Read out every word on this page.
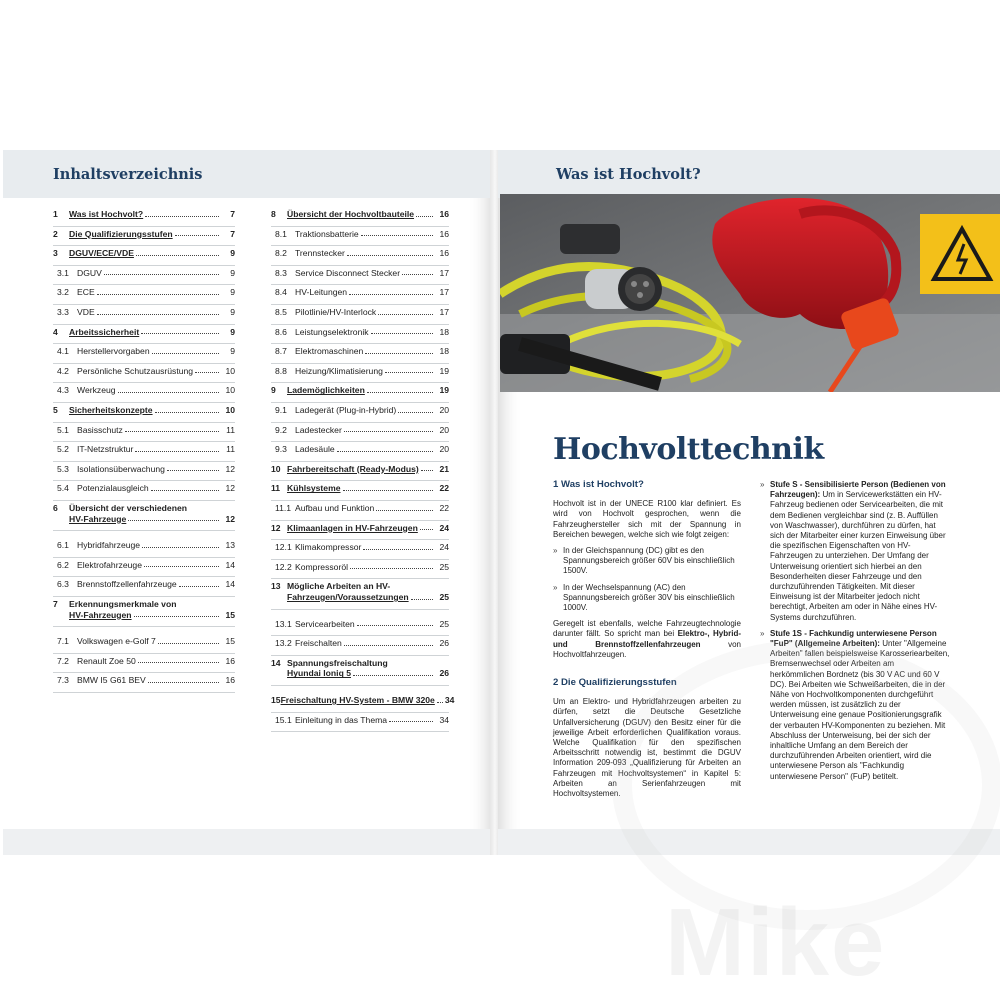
Inhaltsverzeichnis
1	Was ist Hochvolt?	7
2	Die Qualifizierungsstufen	7
3	DGUV/ECE/VDE	9
3.1 DGUV	9
3.2 ECE	9
3.3 VDE	9
4	Arbeitssicherheit	9
4.1 Herstellervorgaben	9
4.2 Persönliche Schutzausrüstung	10
4.3 Werkzeug	10
5	Sicherheitskonzepte	10
5.1 Basisschutz	11
5.2 IT-Netzstruktur	11
5.3 Isolationsüberwachung	12
5.4 Potenzialausgleich	12
6	Übersicht der verschiedenen
HV-Fahrzeuge	12
6.1 Hybridfahrzeuge	13
6.2 Elektrofahrzeuge	14
6.3 Brennstoffzellenfahrzeuge	14
7	Erkennungsmerkmale von
HV-Fahrzeugen	15
7.1 Volkswagen e-Golf 7	15
7.2 Renault Zoe 50	16
7.3 BMW I5 G61 BEV	16
8	Übersicht der Hochvoltbauteile	16
8.1 Traktionsbatterie	16
8.2 Trennstecker	16
8.3 Service Disconnect Stecker	17
8.4 HV-Leitungen	17
8.5 Pilotlinie/HV-Interlock	17
8.6 Leistungselektronik	18
8.7 Elektromaschinen	18
8.8 Heizung/Klimatisierung	19
9	Lademöglichkeiten	19
9.1 Ladegerät (Plug-in-Hybrid)	20
9.2 Ladestecker	20
9.3 Ladesäule	20
10 Fahrbereitschaft (Ready-Modus)	21
11 Kühlsysteme	22
11.1 Aufbau und Funktion	22
12 Klimaanlagen in HV-Fahrzeugen	24
12.1 Klimakompressor	24
12.2 Kompressoröl	25
13 Mögliche Arbeiten an HV-
Fahrzeugen/Voraussetzungen	25
13.1 Servicearbeiten	25
13.2 Freischalten	26
14 Spannungsfreischaltung
Hyundai Ioniq 5	26
15 Freischaltung HV-System - BMW 320e 34
15.1 Einleitung in das Thema	34
Was ist Hochvolt?
Hochvolttechnik
1 Was ist Hochvolt?

Hochvolt ist in der UNECE R100 klar definiert. Es wird von Hochvolt gesprochen, wenn die Fahrzeughersteller sich mit der Spannung in Bereichen bewegen, welche sich wie folgt zeigen:

» In der Gleichspannung (DC) gibt es den Spannungsbereich größer 60V bis einschließlich 1500V.
» In der Wechselspannung (AC) den Spannungsbereich größer 30V bis einschließlich 1000V.

Geregelt ist ebenfalls, welche Fahrzeugtechnologie darunter fällt. So spricht man bei Elektro-, Hybrid- und Brennstoffzellenfahrzeugen von Hochvoltfahrzeugen.

2 Die Qualifizierungsstufen

Um an Elektro- und Hybridfahrzeugen arbeiten zu dürfen, setzt die Deutsche Gesetzliche Unfallversicherung (DGUV) den Besitz einer für die jeweilige Arbeit erforderlichen Qualifikation voraus. Welche Qualifikation für den spezifischen Arbeitsschritt notwendig ist, bestimmt die DGUV Information 209-093 „Qualifizierung für Arbeiten an Fahrzeugen mit Hochvoltsystemen“ in Kapitel 5: Arbeiten an Serienfahrzeugen mit Hochvoltsystemen.

» Stufe S - Sensibilisierte Person (Bedienen von Fahrzeugen): Um in Servicewerkstätten ein HV-Fahrzeug bedienen oder Servicearbeiten, die mit dem Bedienen vergleichbar sind (z. B. Auffüllen von Waschwasser), durchführen zu dürfen, hat sich der Mitarbeiter einer kurzen Einweisung über die spezifischen Eigenschaften von HV-Fahrzeugen zu unterziehen. Der Umfang der Unterweisung orientiert sich hierbei an den Besonderheiten dieser Fahrzeuge und den durchzuführenden Tätigkeiten. Mit dieser Einweisung ist der Mitarbeiter jedoch nicht berechtigt, Arbeiten am oder in Nähe eines HV-Systems durchzuführen.
» Stufe 1S - Fachkundig unterwiesene Person "FuP" (Allgemeine Arbeiten): Unter "Allgemeine Arbeiten" fallen beispielsweise Karosseriearbeiten, Bremsenwechsel oder Arbeiten am herkömmlichen Bordnetz (bis 30 V AC und 60 V DC). Bei Arbeiten wie Schweißarbeiten, die in der Nähe von Hochvoltkomponenten durchgeführt werden müssen, ist zusätzlich zu der Unterweisung eine genaue Positionierungsgrafik der verbauten HV-Komponenten zu beziehen. Mit Abschluss der Unterweisung, bei der sich der inhaltliche Umfang an dem Bereich der durchzuführenden Arbeiten orientiert, wird die unterwiesene Person als "Fachkundig unterwiesene Person" (FuP) betitelt.
Mike
